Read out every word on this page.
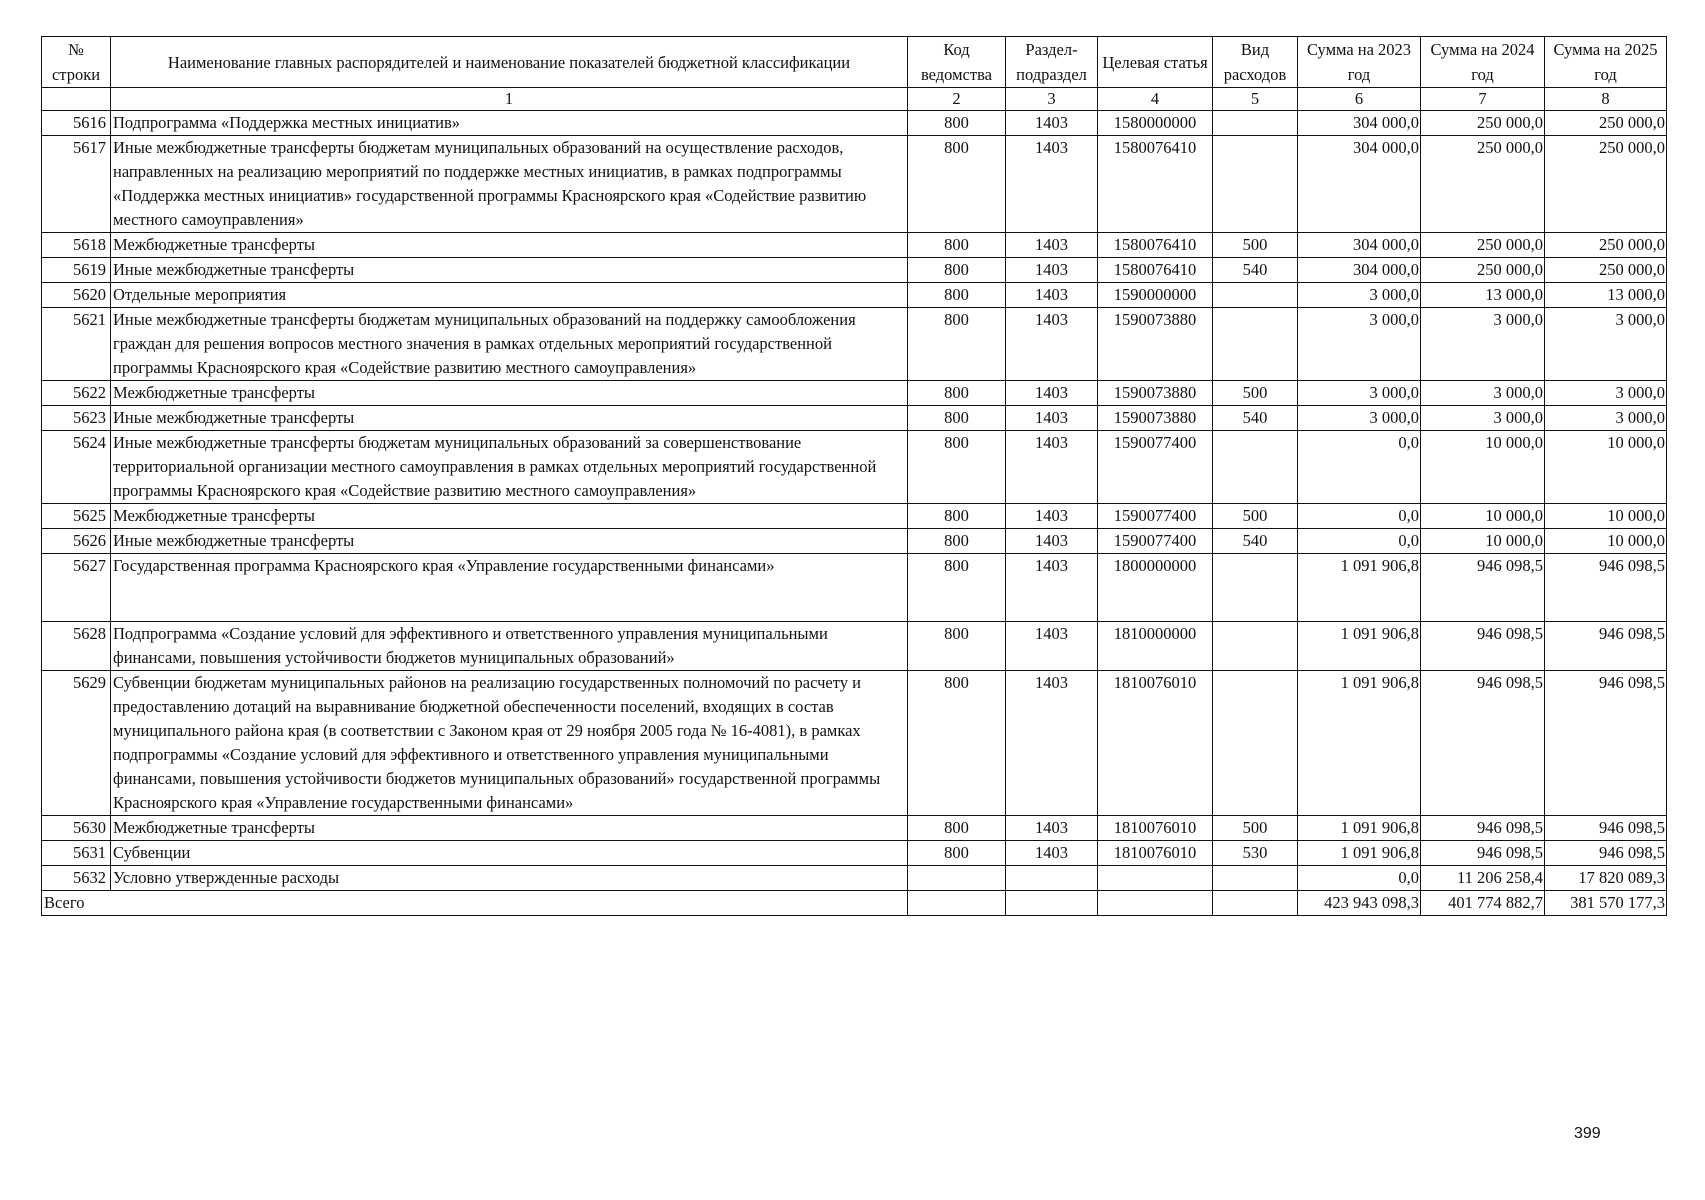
№ строки	Наименование главных распорядителей и наименование показателей бюджетной классификации	Код ведомства	Раздел-подраздел	Целевая статья	Вид расходов	Сумма на 2023 год	Сумма на 2024 год	Сумма на 2025 год
	1	2	3	4	5	6	7	8
5616	Подпрограмма «Поддержка местных инициатив»	800	1403	1580000000		304 000,0	250 000,0	250 000,0
5617	Иные межбюджетные трансферты бюджетам муниципальных образований на осуществление расходов, направленных на реализацию мероприятий по поддержке местных инициатив, в рамках подпрограммы «Поддержка местных инициатив» государственной программы Красноярского края «Содействие развитию местного самоуправления»	800	1403	1580076410		304 000,0	250 000,0	250 000,0
5618	Межбюджетные трансферты	800	1403	1580076410	500	304 000,0	250 000,0	250 000,0
5619	Иные межбюджетные трансферты	800	1403	1580076410	540	304 000,0	250 000,0	250 000,0
5620	Отдельные мероприятия	800	1403	1590000000		3 000,0	13 000,0	13 000,0
5621	Иные межбюджетные трансферты бюджетам муниципальных образований на поддержку самообложения граждан для решения вопросов местного значения в рамках отдельных мероприятий государственной программы Красноярского края «Содействие развитию местного самоуправления»	800	1403	1590073880		3 000,0	3 000,0	3 000,0
5622	Межбюджетные трансферты	800	1403	1590073880	500	3 000,0	3 000,0	3 000,0
5623	Иные межбюджетные трансферты	800	1403	1590073880	540	3 000,0	3 000,0	3 000,0
5624	Иные межбюджетные трансферты бюджетам муниципальных образований за совершенствование территориальной организации местного самоуправления в рамках отдельных мероприятий государственной программы Красноярского края «Содействие развитию местного самоуправления»	800	1403	1590077400		0,0	10 000,0	10 000,0
5625	Межбюджетные трансферты	800	1403	1590077400	500	0,0	10 000,0	10 000,0
5626	Иные межбюджетные трансферты	800	1403	1590077400	540	0,0	10 000,0	10 000,0
5627	Государственная программа Красноярского края «Управление государственными финансами»	800	1403	1800000000		1 091 906,8	946 098,5	946 098,5
5628	Подпрограмма «Создание условий для эффективного и ответственного управления муниципальными финансами, повышения устойчивости бюджетов муниципальных образований»	800	1403	1810000000		1 091 906,8	946 098,5	946 098,5
5629	Субвенции бюджетам муниципальных районов на реализацию государственных полномочий по расчету и предоставлению дотаций на выравнивание бюджетной обеспеченности поселений, входящих в состав муниципального района края (в соответствии с Законом края от 29 ноября 2005 года № 16-4081), в рамках подпрограммы «Создание условий для эффективного и ответственного управления муниципальными финансами, повышения устойчивости бюджетов муниципальных образований» государственной программы Красноярского края «Управление государственными финансами»	800	1403	1810076010		1 091 906,8	946 098,5	946 098,5
5630	Межбюджетные трансферты	800	1403	1810076010	500	1 091 906,8	946 098,5	946 098,5
5631	Субвенции	800	1403	1810076010	530	1 091 906,8	946 098,5	946 098,5
5632	Условно утвержденные расходы					0,0	11 206 258,4	17 820 089,3
Всего						423 943 098,3	401 774 882,7	381 570 177,3
399
